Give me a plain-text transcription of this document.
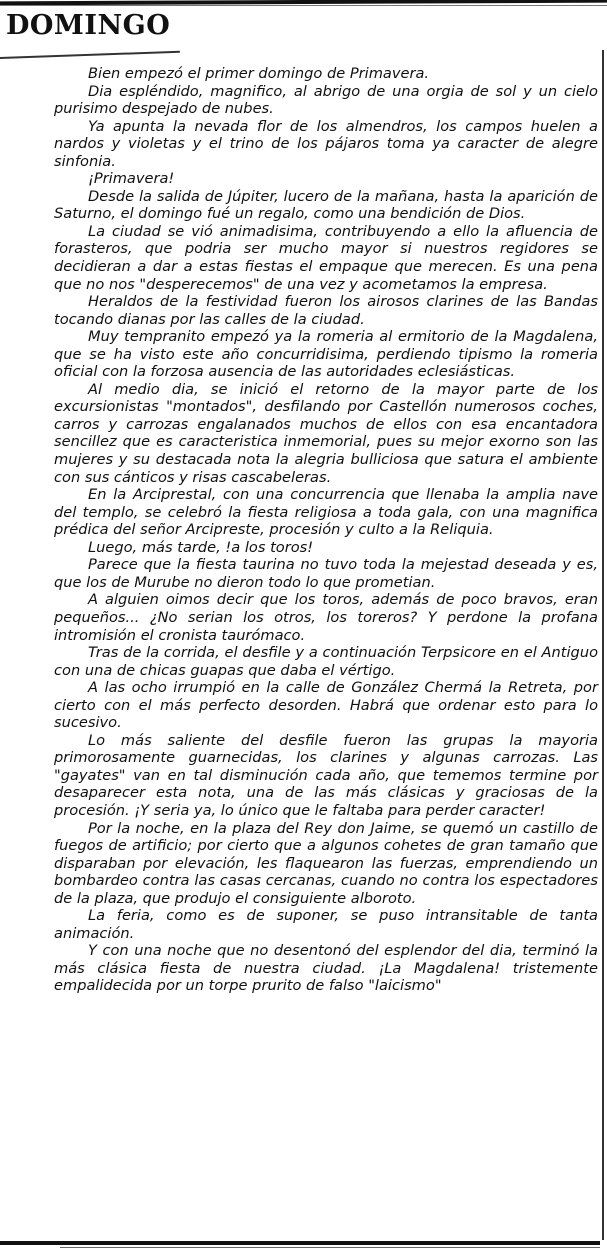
DOMINGO

Bien empezó el primer domingo de Primavera.

Dia espléndido, magnifico, al abrigo de una orgia de sol y un cielo purisimo despejado de nubes.

Ya apunta la nevada flor de los almendros, los campos huelen a nardos y violetas y el trino de los pájaros toma ya caracter de alegre sinfonia.

¡Primavera!

Desde la salida de Júpiter, lucero de la mañana, hasta la aparición de Saturno, el domingo fué un regalo, como una bendición de Dios.

La ciudad se vió animadisima, contribuyendo a ello la afluencia de forasteros, que podria ser mucho mayor si nuestros regidores se decidieran a dar a estas fiestas el empaque que merecen. Es una pena que no nos "desperecemos" de una vez y acometamos la empresa.

Heraldos de la festividad fueron los airosos clarines de las Bandas tocando dianas por las calles de la ciudad.

Muy tempranito empezó ya la romeria al ermitorio de la Magdalena, que se ha visto este año concurridisima, perdiendo tipismo la romeria oficial con la forzosa ausencia de las autoridades eclesiásticas.

Al medio dia, se inició el retorno de la mayor parte de los excursionistas "montados", desfilando por Castellón numerosos coches, carros y carrozas engalanados muchos de ellos con esa encantadora sencillez que es caracteristica inmemorial, pues su mejor exorno son las mujeres y su destacada nota la alegria bulliciosa que satura el ambiente con sus cánticos y risas cascabeleras.

En la Arciprestal, con una concurrencia que llenaba la amplia nave del templo, se celebró la fiesta religiosa a toda gala, con una magnifica prédica del señor Arcipreste, procesión y culto a la Reliquia.

Luego, más tarde, !a los toros!

Parece que la fiesta taurina no tuvo toda la mejestad deseada y es, que los de Murube no dieron todo lo que prometian.

A alguien oimos decir que los toros, además de poco bravos, eran pequeños... ¿No serian los otros, los toreros? Y perdone la profana intromisión el cronista taurómaco.

Tras de la corrida, el desfile y a continuación Terpsicore en el Antiguo con una de chicas guapas que daba el vértigo.

A las ocho irrumpió en la calle de González Chermá la Retreta, por cierto con el más perfecto desorden. Habrá que ordenar esto para lo sucesivo.

Lo más saliente del desfile fueron las grupas la mayoria primorosamente guarnecidas, los clarines y algunas carrozas. Las "gayates" van en tal disminución cada año, que tememos termine por desaparecer esta nota, una de las más clásicas y graciosas de la procesión. ¡Y seria ya, lo único que le faltaba para perder caracter!

Por la noche, en la plaza del Rey don Jaime, se quemó un castillo de fuegos de artificio; por cierto que a algunos cohetes de gran tamaño que disparaban por elevación, les flaquearon las fuerzas, emprendiendo un bombardeo contra las casas cercanas, cuando no contra los espectadores de la plaza, que produjo el consiguiente alboroto.

La feria, como es de suponer, se puso intransitable de tanta animación.

Y con una noche que no desentonó del esplendor del dia, terminó la más clásica fiesta de nuestra ciudad. ¡La Magdalena! tristemente empalidecida por un torpe prurito de falso "laicismo"
